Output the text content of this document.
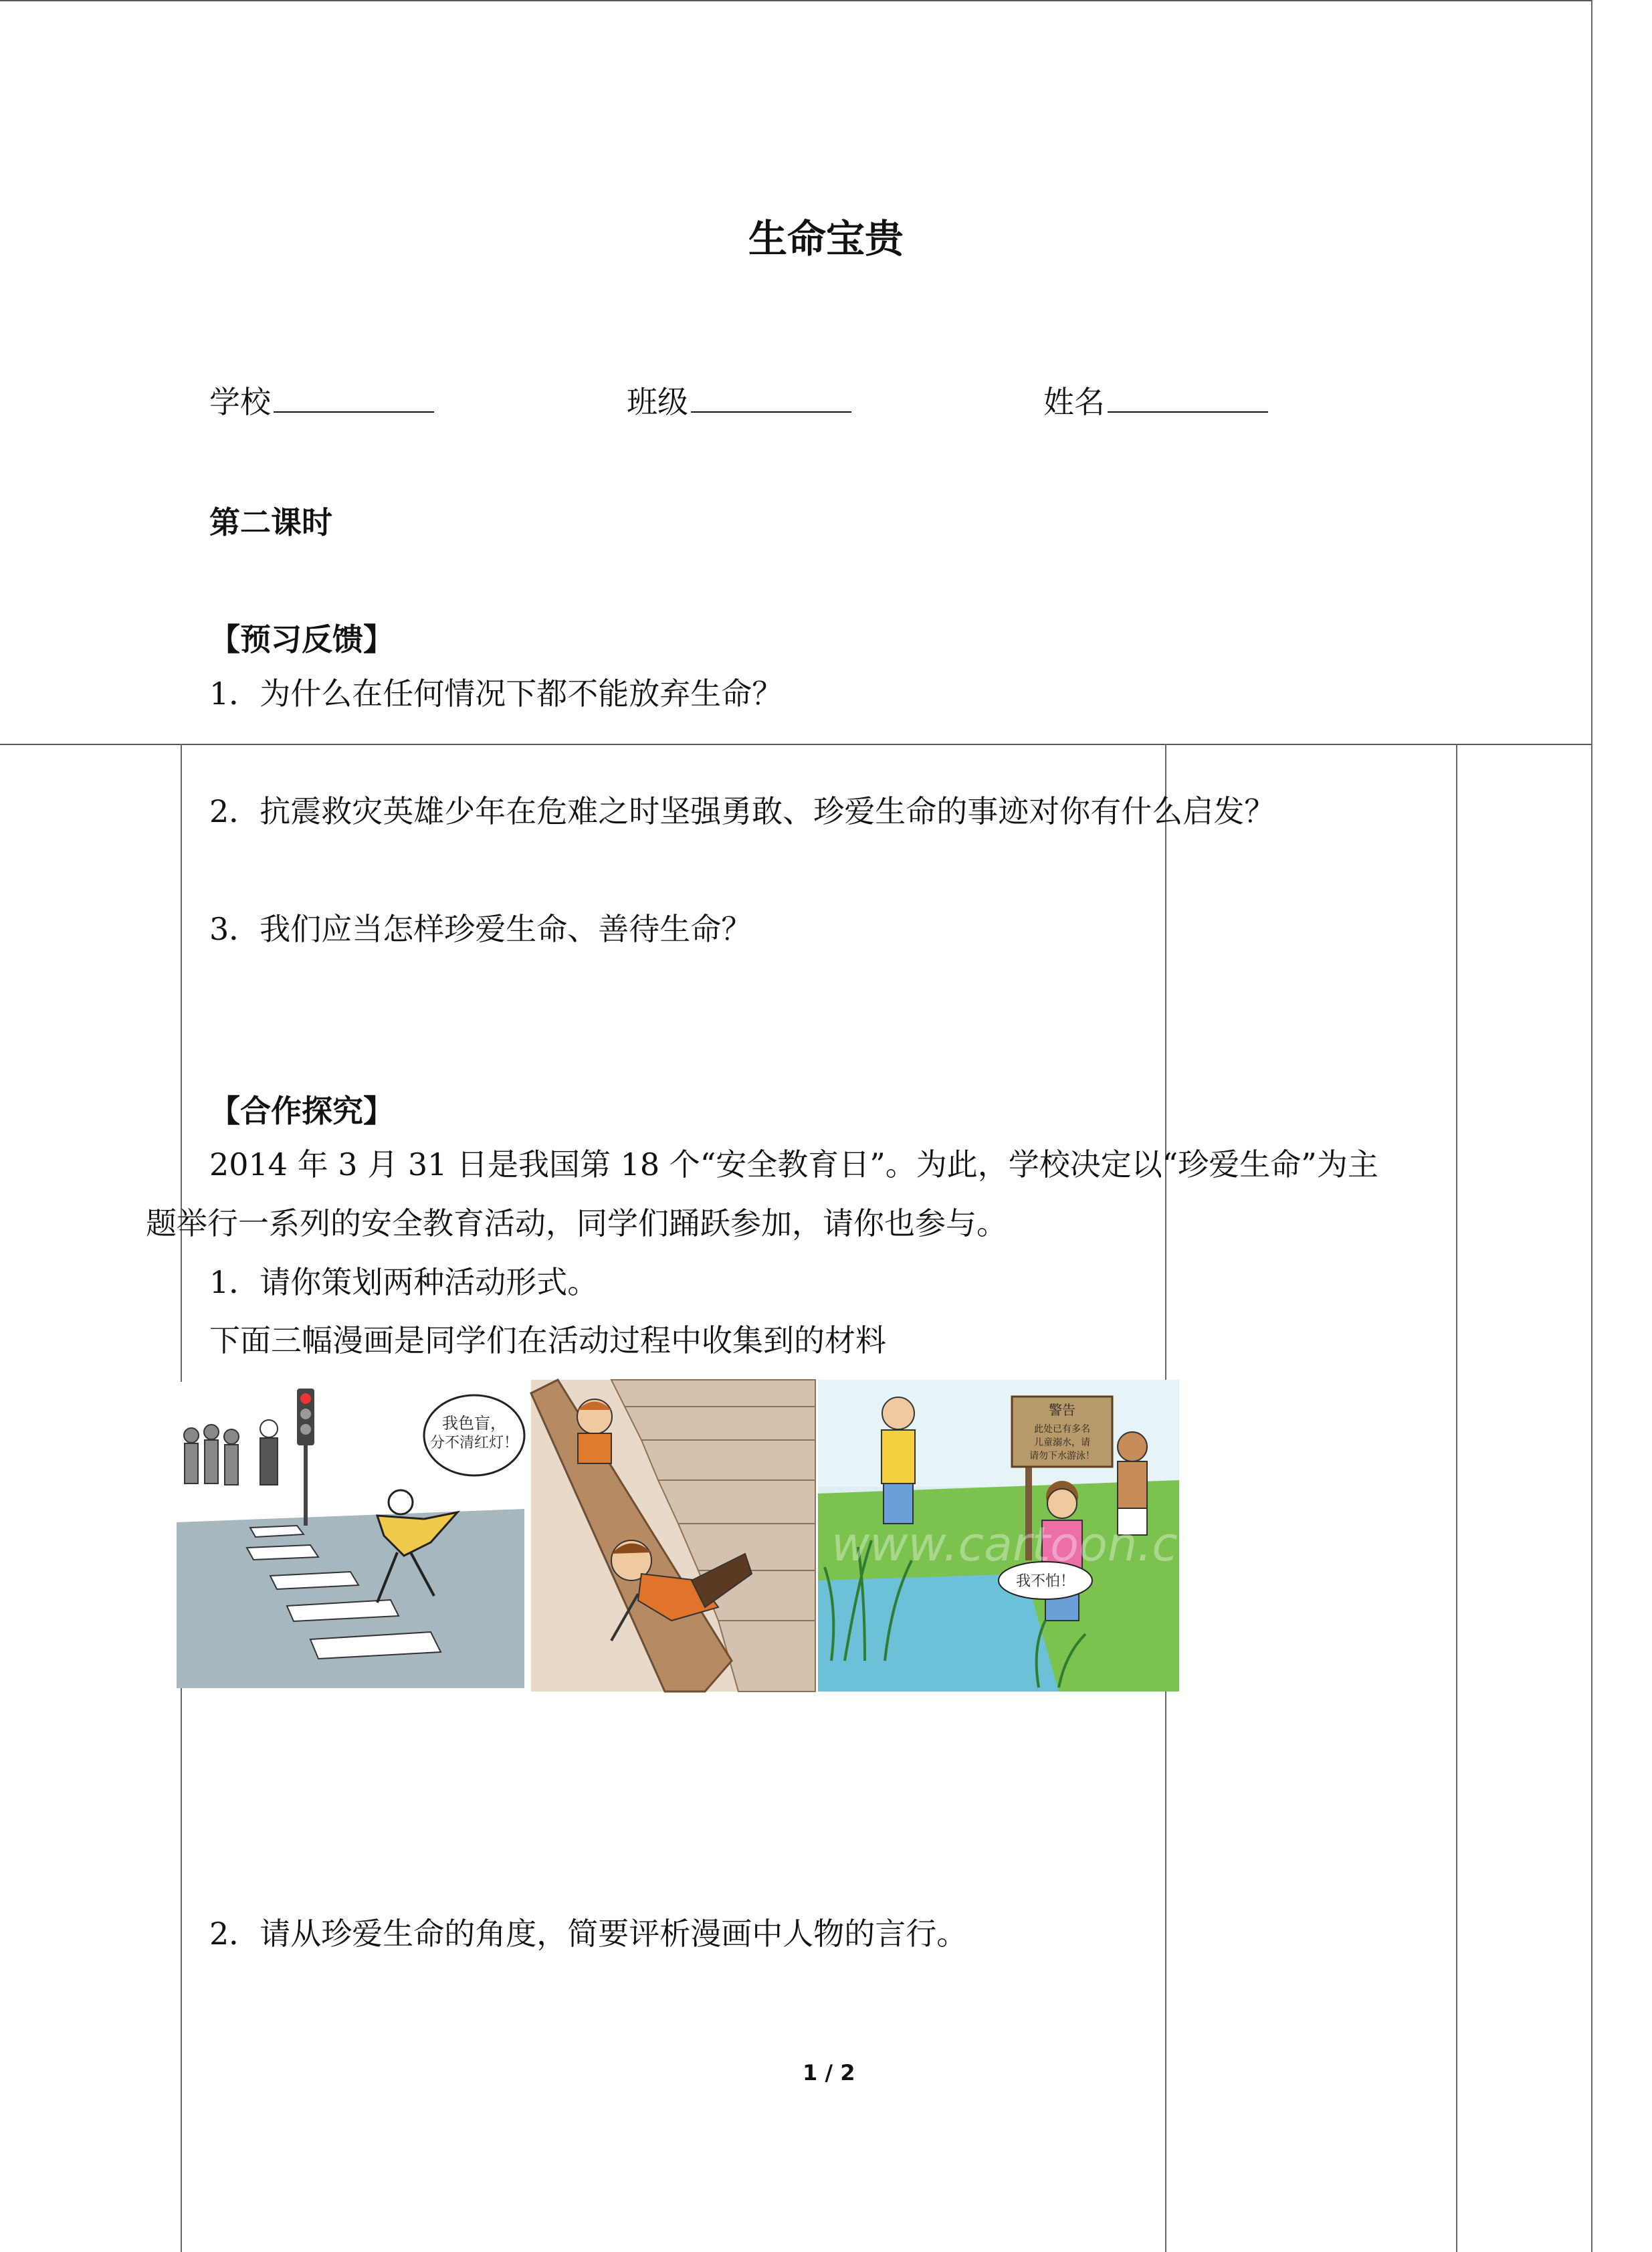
生命宝贵
学校	班级	姓名
第二课时
【预习反馈】
1．为什么在任何情况下都不能放弃生命？
2．抗震救灾英雄少年在危难之时坚强勇敢、珍爱生命的事迹对你有什么启发？
3．我们应当怎样珍爱生命、善待生命？
【合作探究】
2014 年 3 月 31 日是我国第 18 个“安全教育日”。为此，学校决定以“珍爱生命”为主
题举行一系列的安全教育活动，同学们踊跃参加，请你也参与。
1．请你策划两种活动形式。
下面三幅漫画是同学们在活动过程中收集到的材料
我色盲，
分不清红灯！
警告
此处已有多名
儿童溺水，请
请勿下水游泳！
我不怕！
www.cartoon.com
2．请从珍爱生命的角度，简要评析漫画中人物的言行。
1 / 2
